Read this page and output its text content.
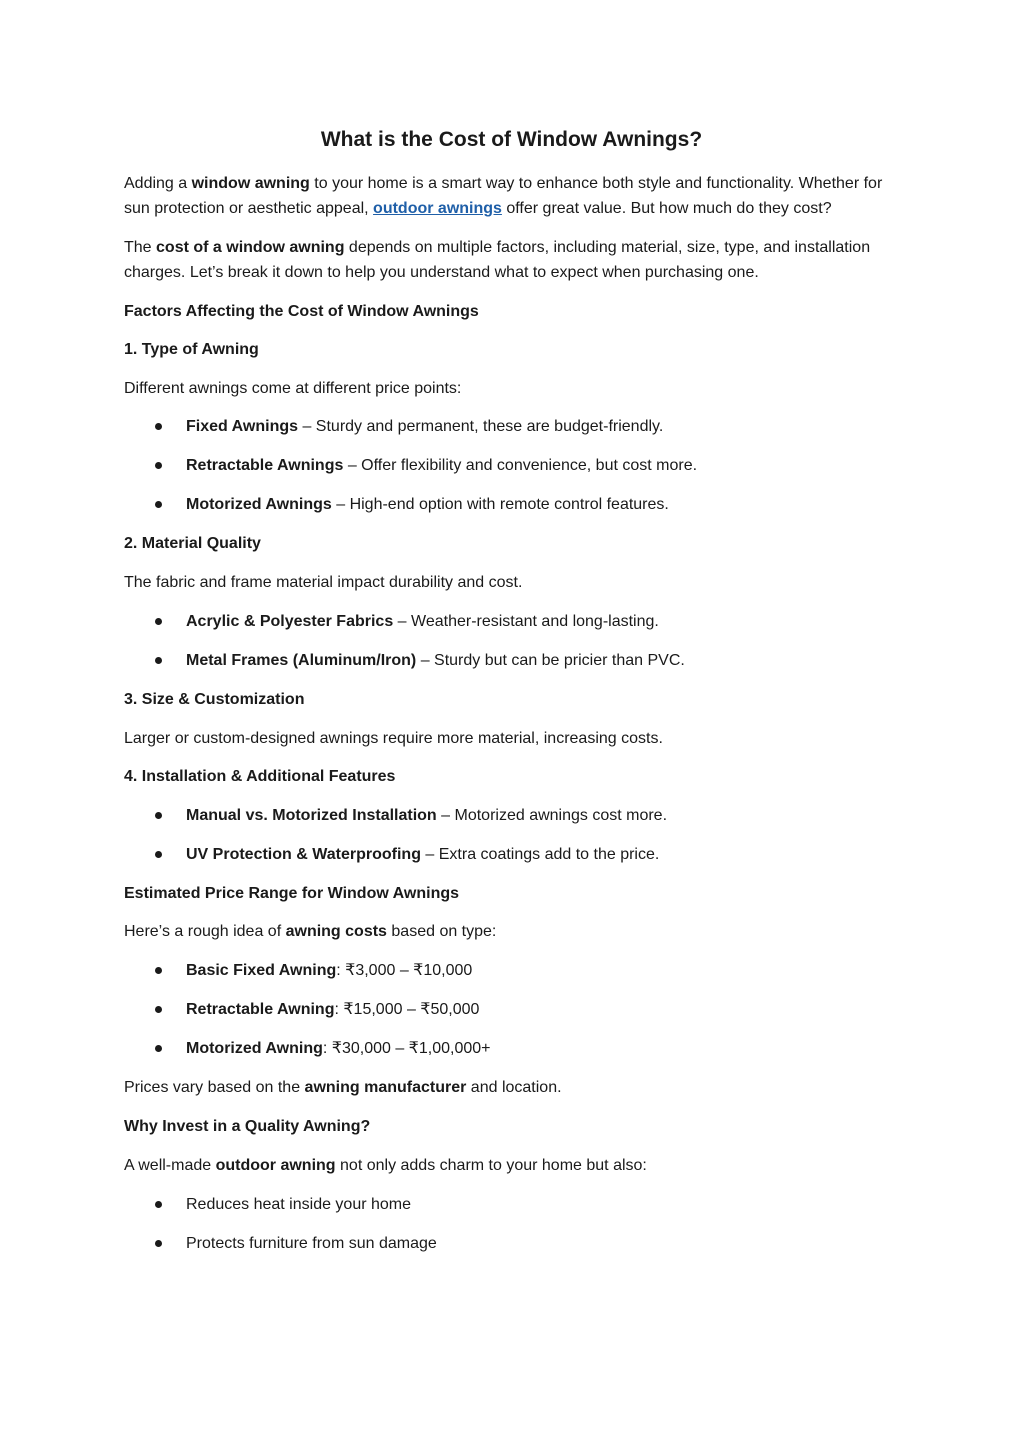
What is the Cost of Window Awnings?

Adding a window awning to your home is a smart way to enhance both style and functionality. Whether for sun protection or aesthetic appeal, outdoor awnings offer great value. But how much do they cost?

The cost of a window awning depends on multiple factors, including material, size, type, and installation charges. Let’s break it down to help you understand what to expect when purchasing one.

Factors Affecting the Cost of Window Awnings

1. Type of Awning

Different awnings come at different price points:

Fixed Awnings – Sturdy and permanent, these are budget-friendly.
Retractable Awnings – Offer flexibility and convenience, but cost more.
Motorized Awnings – High-end option with remote control features.

2. Material Quality

The fabric and frame material impact durability and cost.

Acrylic & Polyester Fabrics – Weather-resistant and long-lasting.
Metal Frames (Aluminum/Iron) – Sturdy but can be pricier than PVC.

3. Size & Customization

Larger or custom-designed awnings require more material, increasing costs.

4. Installation & Additional Features

Manual vs. Motorized Installation – Motorized awnings cost more.
UV Protection & Waterproofing – Extra coatings add to the price.

Estimated Price Range for Window Awnings

Here’s a rough idea of awning costs based on type:

Basic Fixed Awning: ₹3,000 – ₹10,000
Retractable Awning: ₹15,000 – ₹50,000
Motorized Awning: ₹30,000 – ₹1,00,000+

Prices vary based on the awning manufacturer and location.

Why Invest in a Quality Awning?

A well-made outdoor awning not only adds charm to your home but also:

Reduces heat inside your home
Protects furniture from sun damage
